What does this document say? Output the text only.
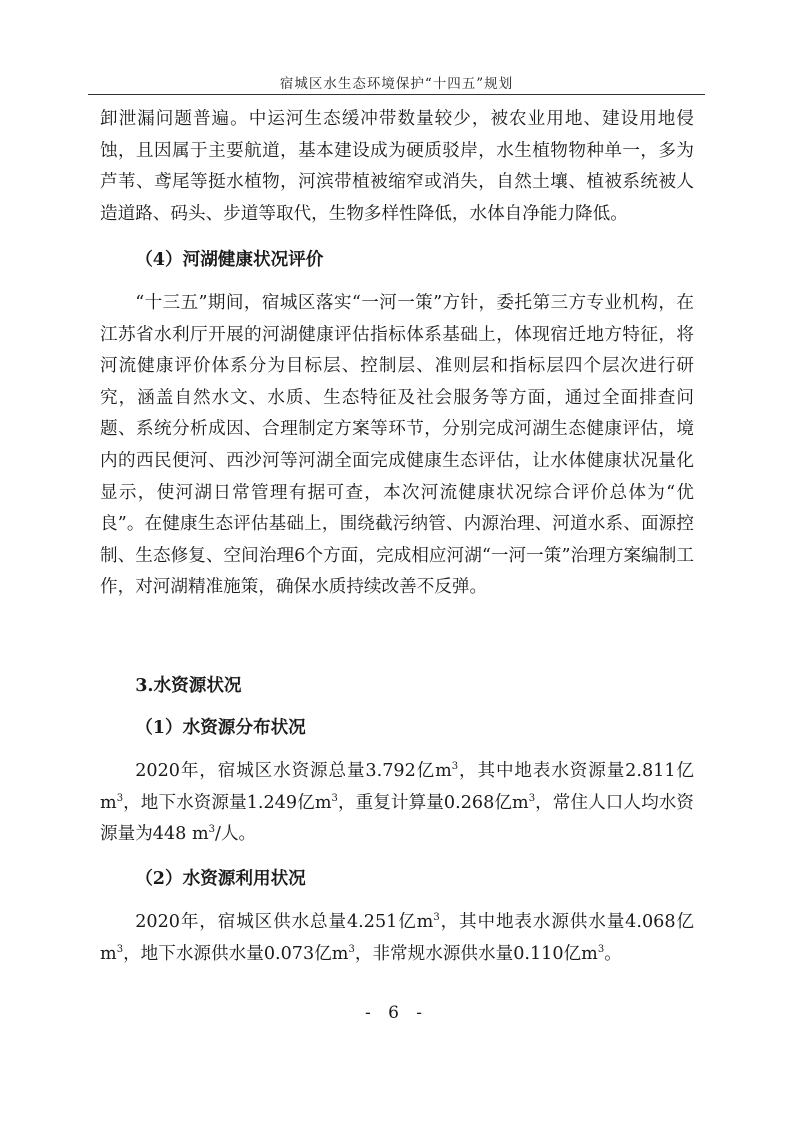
宿城区水生态环境保护“十四五”规划

卸泄漏问题普遍。中运河生态缓冲带数量较少，被农业用地、建设用地侵蚀，且因属于主要航道，基本建设成为硬质驳岸，水生植物物种单一，多为芦苇、鸢尾等挺水植物，河滨带植被缩窄或消失，自然土壤、植被系统被人造道路、码头、步道等取代，生物多样性降低，水体自净能力降低。

（4）河湖健康状况评价

“十三五”期间，宿城区落实“一河一策”方针，委托第三方专业机构，在江苏省水利厅开展的河湖健康评估指标体系基础上，体现宿迁地方特征，将河流健康评价体系分为目标层、控制层、准则层和指标层四个层次进行研究，涵盖自然水文、水质、生态特征及社会服务等方面，通过全面排查问题、系统分析成因、合理制定方案等环节，分别完成河湖生态健康评估，境内的西民便河、西沙河等河湖全面完成健康生态评估，让水体健康状况量化显示，使河湖日常管理有据可查，本次河流健康状况综合评价总体为“优良”。在健康生态评估基础上，围绕截污纳管、内源治理、河道水系、面源控制、生态修复、空间治理6个方面，完成相应河湖“一河一策”治理方案编制工作，对河湖精准施策，确保水质持续改善不反弹。

3.水资源状况

（1）水资源分布状况

2020年，宿城区水资源总量3.792亿$m^3$，其中地表水资源量2.811亿$m^3$，地下水资源量1.249亿$m^3$，重复计算量0.268亿$m^3$，常住人口人均水资源量为448 $m^3/$人。

（2）水资源利用状况

2020年，宿城区供水总量4.251亿$m^3$，其中地表水源供水量4.068亿$m^3$，地下水源供水量0.073亿$m^3$，非常规水源供水量0.110亿$m^3$。

- 6 -
